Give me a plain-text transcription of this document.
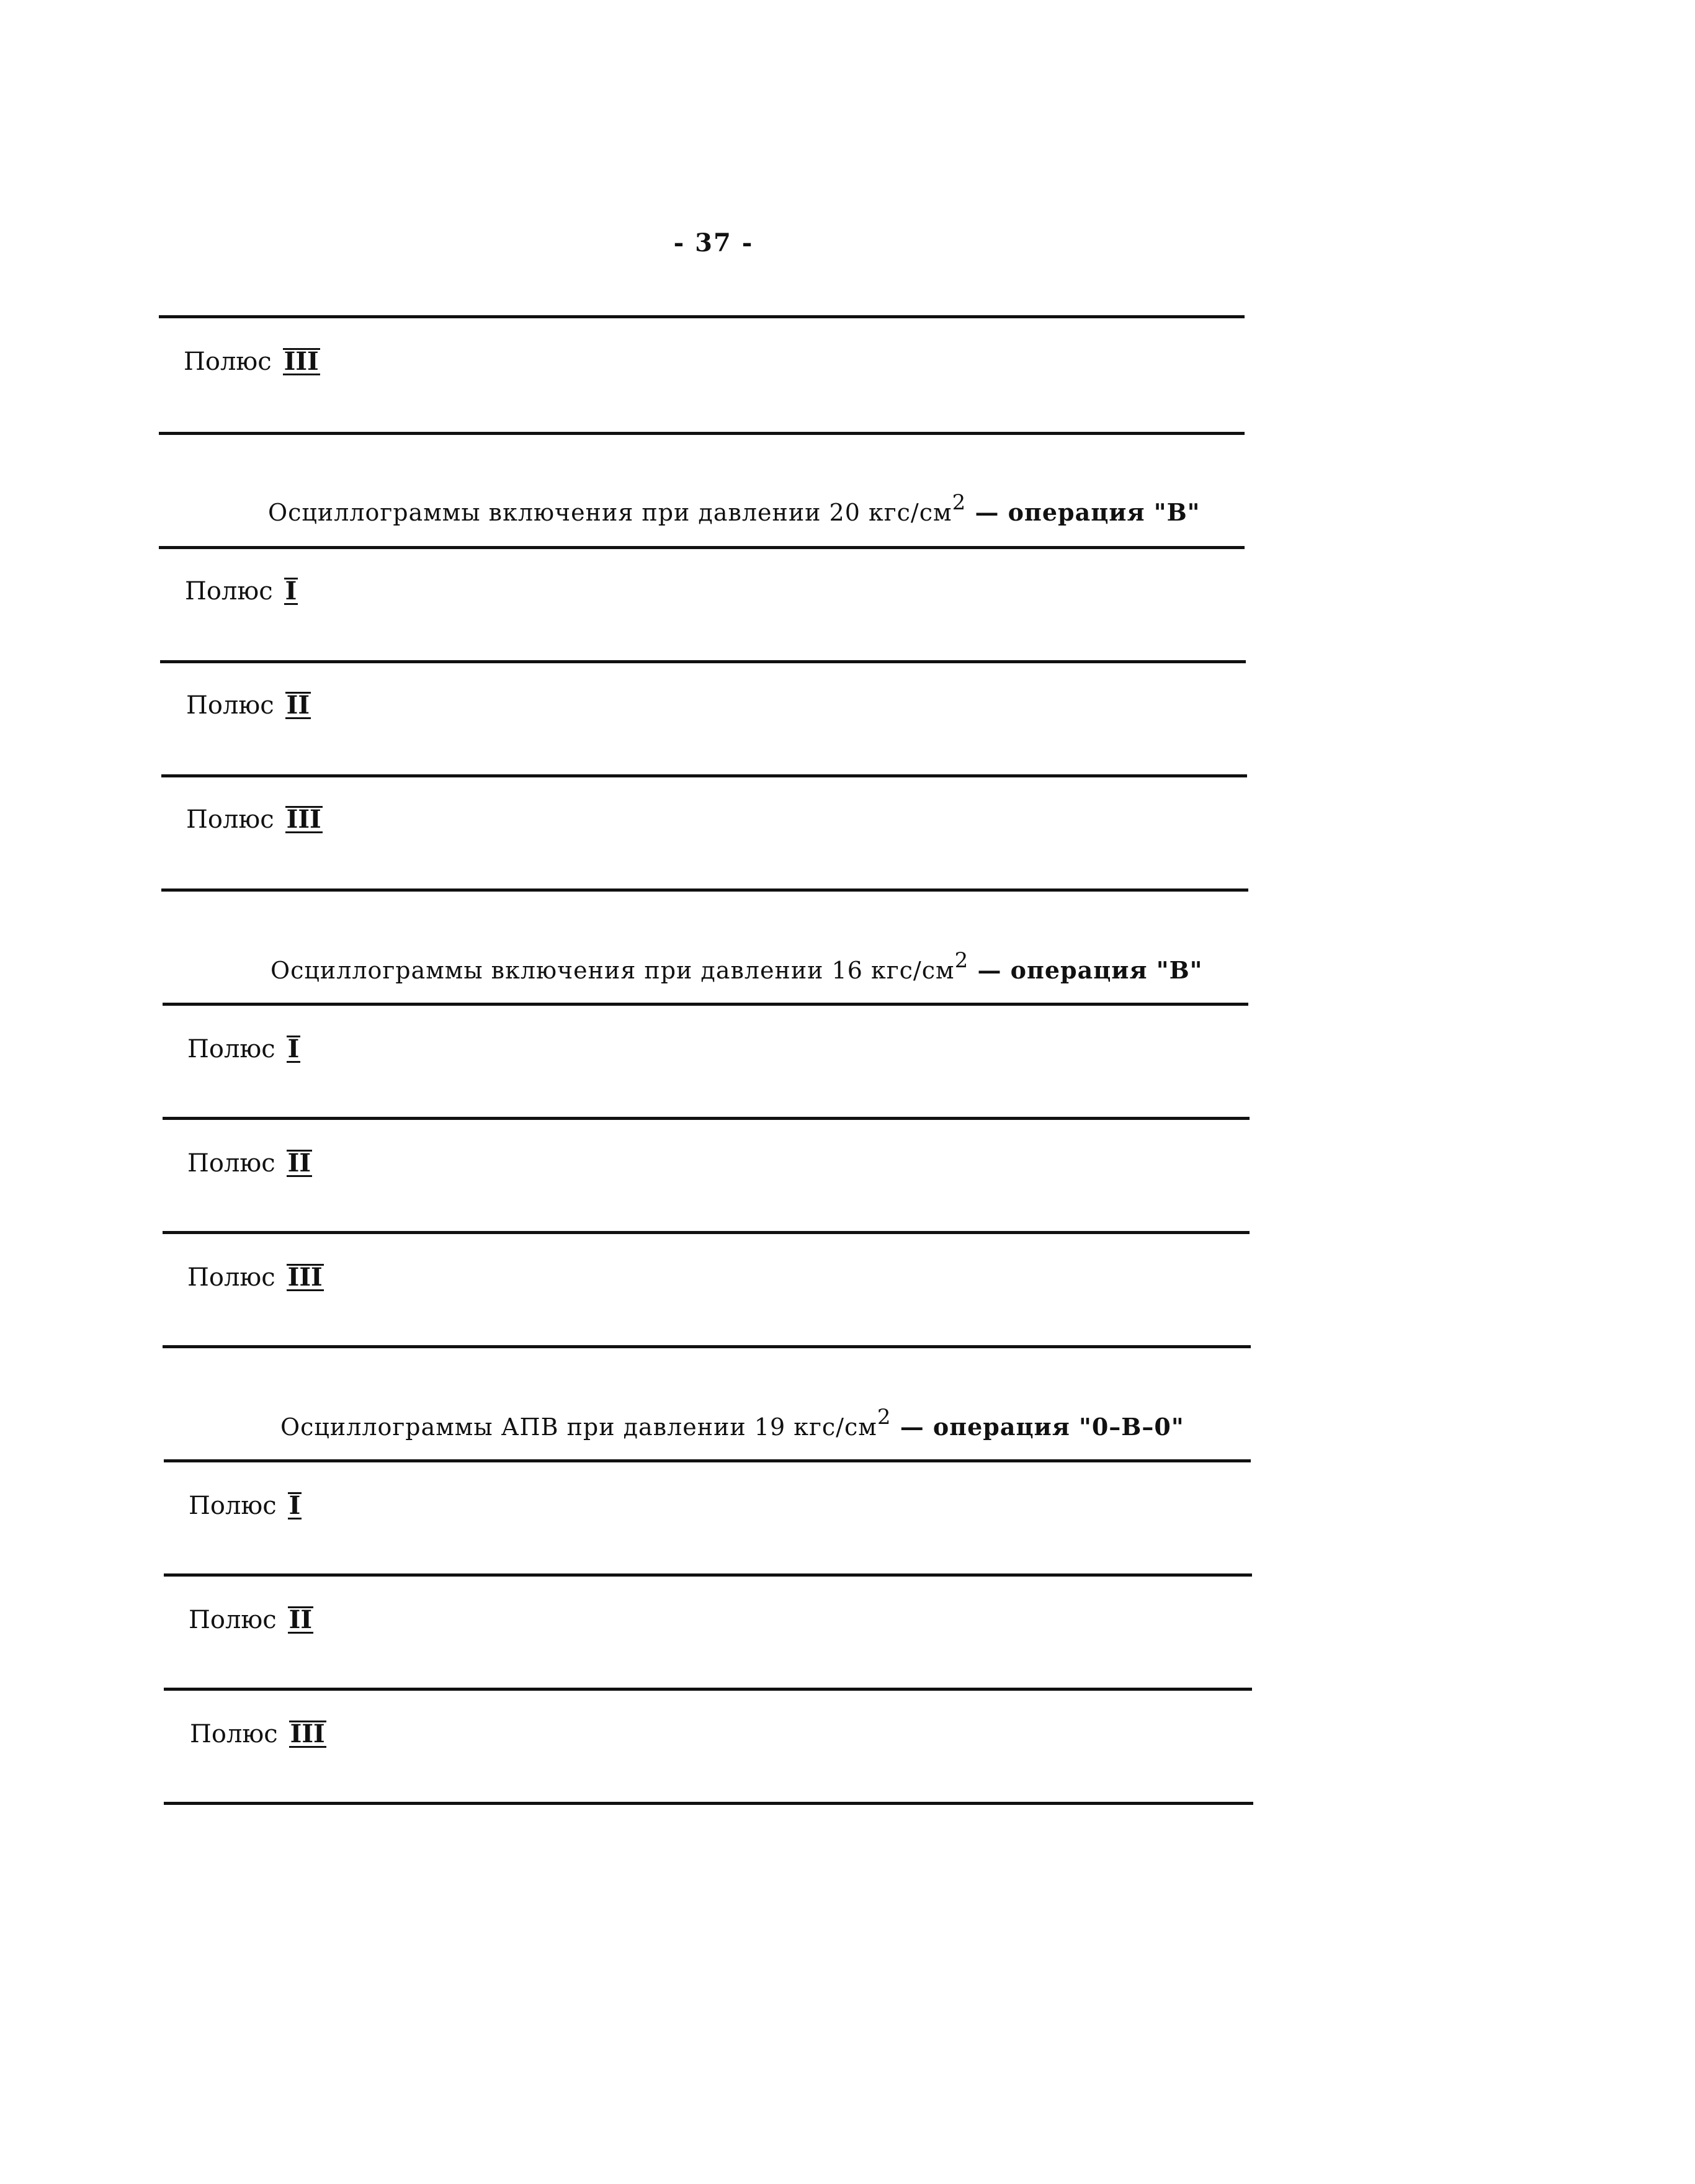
- 37 -
Полюс III
Осциллограммы включения при давлении 20 кгс/$см^2$ — операция "В"
Полюс I
Полюс II
Полюс III
Осциллограммы включения при давлении 16 кгс/$см^2$ — операция "В"
Полюс I
Полюс II
Полюс III
Осциллограммы АПВ при давлении 19 кгс/$см^2$ — операция "0–В–0"
Полюс I
Полюс II
Полюс III
